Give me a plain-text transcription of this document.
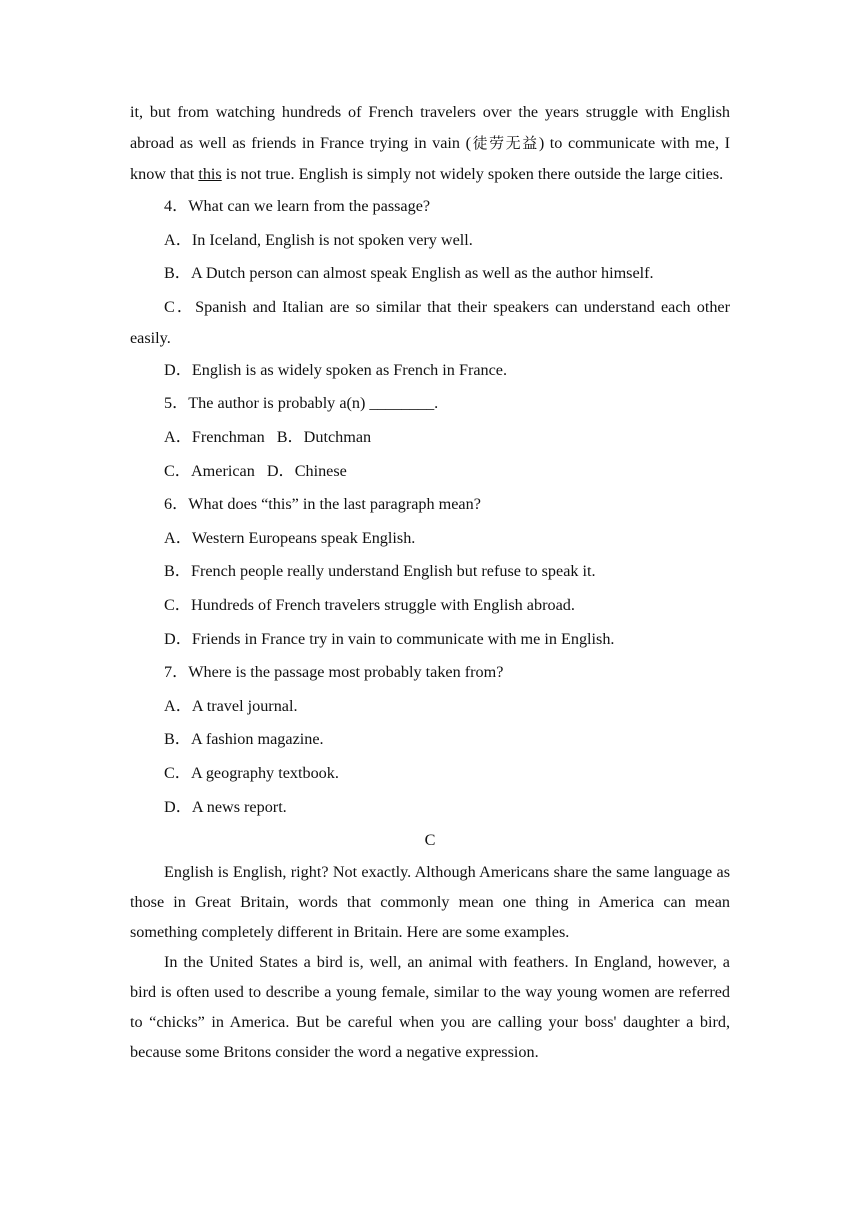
it, but from watching hundreds of French travelers over the years struggle with English abroad as well as friends in France trying in vain (徒劳无益) to communicate with me, I know that this is not true. English is simply not widely spoken there outside the large cities.

4．What can we learn from the passage?

A．In Iceland, English is not spoken very well.

B．A Dutch person can almost speak English as well as the author himself.

C．Spanish and Italian are so similar that their speakers can understand each other easily.

D．English is as widely spoken as French in France.

5．The author is probably a(n) ________.

A．Frenchman B．Dutchman

C．American D．Chinese

6．What does “this” in the last paragraph mean?

A．Western Europeans speak English.

B．French people really understand English but refuse to speak it.

C．Hundreds of French travelers struggle with English abroad.

D．Friends in France try in vain to communicate with me in English.

7．Where is the passage most probably taken from?

A．A travel journal.

B．A fashion magazine.

C．A geography textbook.

D．A news report.

C

English is English, right? Not exactly. Although Americans share the same language as those in Great Britain, words that commonly mean one thing in America can mean something completely different in Britain. Here are some examples.

In the United States a bird is, well, an animal with feathers. In England, however, a bird is often used to describe a young female, similar to the way young women are referred to “chicks” in America. But be careful when you are calling your boss' daughter a bird, because some Britons consider the word a negative expression.
